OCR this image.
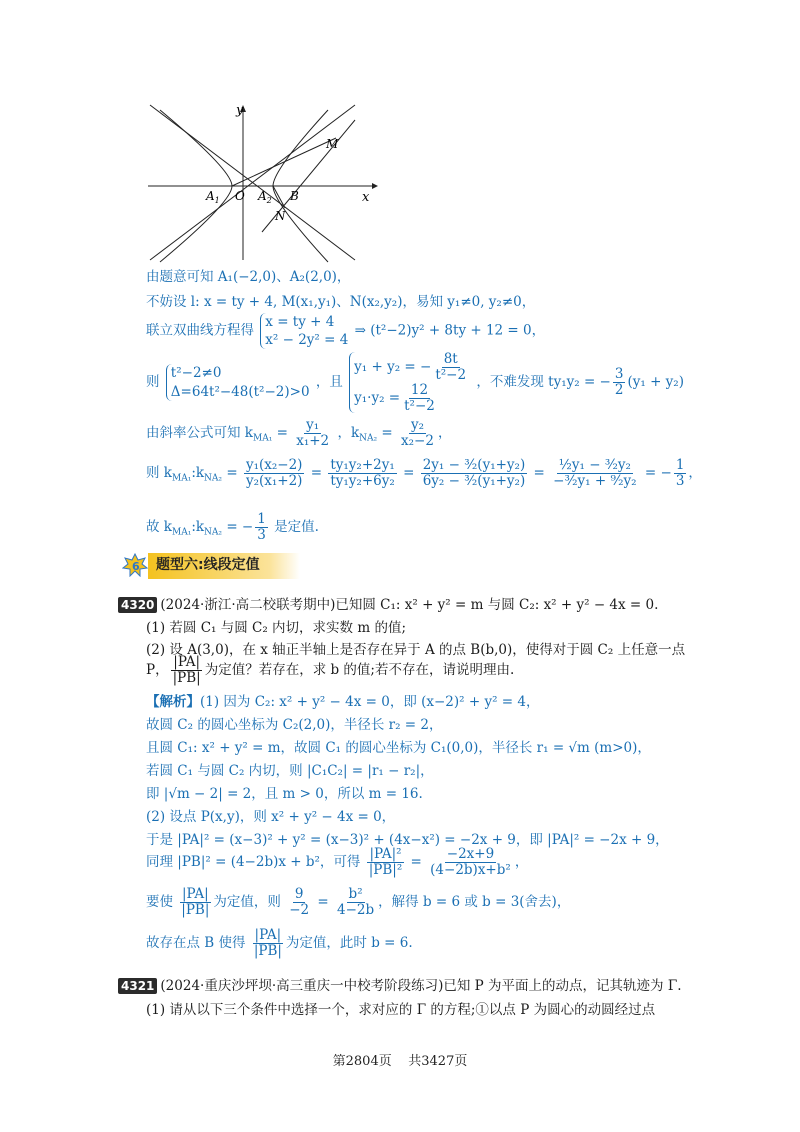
y
x
O
$A_1$	$A_2$ B
M
N
由题意可知 A₁(−2,0)、A₂(2,0)，
不妨设 l: x = ty + 4, M(x₁,y₁)、N(x₂,y₂)，易知 y₁≠0, y₂≠0，
联立双曲线方程得
x = ty + 4
x² − 2y² = 4
⇒ (t²−2)y² + 8ty + 12 = 0，
则
t²−2≠0
Δ=64t²−48(t²−2)>0
，且
y₁ + y₂ = − $\frac{8t}{\text{t²−2}}$
$y_1\cdot y_2 = \frac{12}{\text{t²−2}}$
，不难发现 ty₁y₂ = − $\frac{3}{2} (y_1 + y_2)$
由斜率公式可知 $k_{MA_1} = \frac{\text{y₁}}{\text{x₁+2}}$ ，$k_{NA_2} = \frac{\text{y₂}}{\text{x₂−2}}$ ，
则 $k_{MA_1}:k_{NA_2} = \frac{\text{y₁(x₂−2)}}{\text{y₂(x₁+2)}} = \frac{\text{ty₁y₂+2y₁}}{\text{ty₁y₂+6y₂}} = \frac{\text{2y₁ − ³⁄₂(y₁+y₂)}}{\text{6y₂ − ³⁄₂(y₁+y₂)}} = \frac{\text{½y₁ − ³⁄₂y₂}}{\text{−³⁄₂y₁ + ⁹⁄₂y₂}}$ = − $\frac{1}{3}$ ，
故 $k_{MA_1}:k_{NA_2}$ = − $\frac{1}{3}$ 是定值.
6	题型六:线段定值
4320 (2024·浙江·高二校联考期中)已知圆 C₁: x² + y² = m 与圆 C₂: x² + y² − 4x = 0.
(1) 若圆 C₁ 与圆 C₂ 内切，求实数 m 的值;
(2) 设 A(3,0)，在 x 轴正半轴上是否存在异于 A 的点 B(b,0)，使得对于圆 C₂ 上任意一点
P， $\frac{|PA|}{|PB|}$ 为定值？若存在，求 b 的值;若不存在，请说明理由.
【解析】(1) 因为 C₂: x² + y² − 4x = 0，即 (x−2)² + y² = 4，
故圆 C₂ 的圆心坐标为 C₂(2,0)，半径长 r₂ = 2，
且圆 C₁: x² + y² = m，故圆 C₁ 的圆心坐标为 C₁(0,0)，半径长 r₁ = √m (m>0)，
若圆 C₁ 与圆 C₂ 内切，则 |C₁C₂| = |r₁ − r₂|，
即 |√m − 2| = 2，且 m > 0，所以 m = 16.
(2) 设点 P(x,y)，则 x² + y² − 4x = 0，
于是 |PA|² = (x−3)² + y² = (x−3)² + (4x−x²) = −2x + 9，即 |PA|² = −2x + 9，
同理 |PB|² = (4−2b)x + b²，可得 $\frac{\text{|PA|²}}{\text{|PB|²}} = \frac{-2x+9}{\text{(4−2b)x+b²}}$ ，
要使 $\frac{|PA|}{|PB|}$ 为定值，则 $\frac{9}{-2} = \frac{\text{b²}}{4-2b}$ ，解得 b = 6 或 b = 3(舍去)，
故存在点 B 使得 $\frac{|PA|}{|PB|}$ 为定值，此时 b = 6.
4321 (2024·重庆沙坪坝·高三重庆一中校考阶段练习)已知 P 为平面上的动点，记其轨迹为 Γ.
(1) 请从以下三个条件中选择一个，求对应的 Γ 的方程;①以点 P 为圆心的动圆经过点
第2804页 共3427页
